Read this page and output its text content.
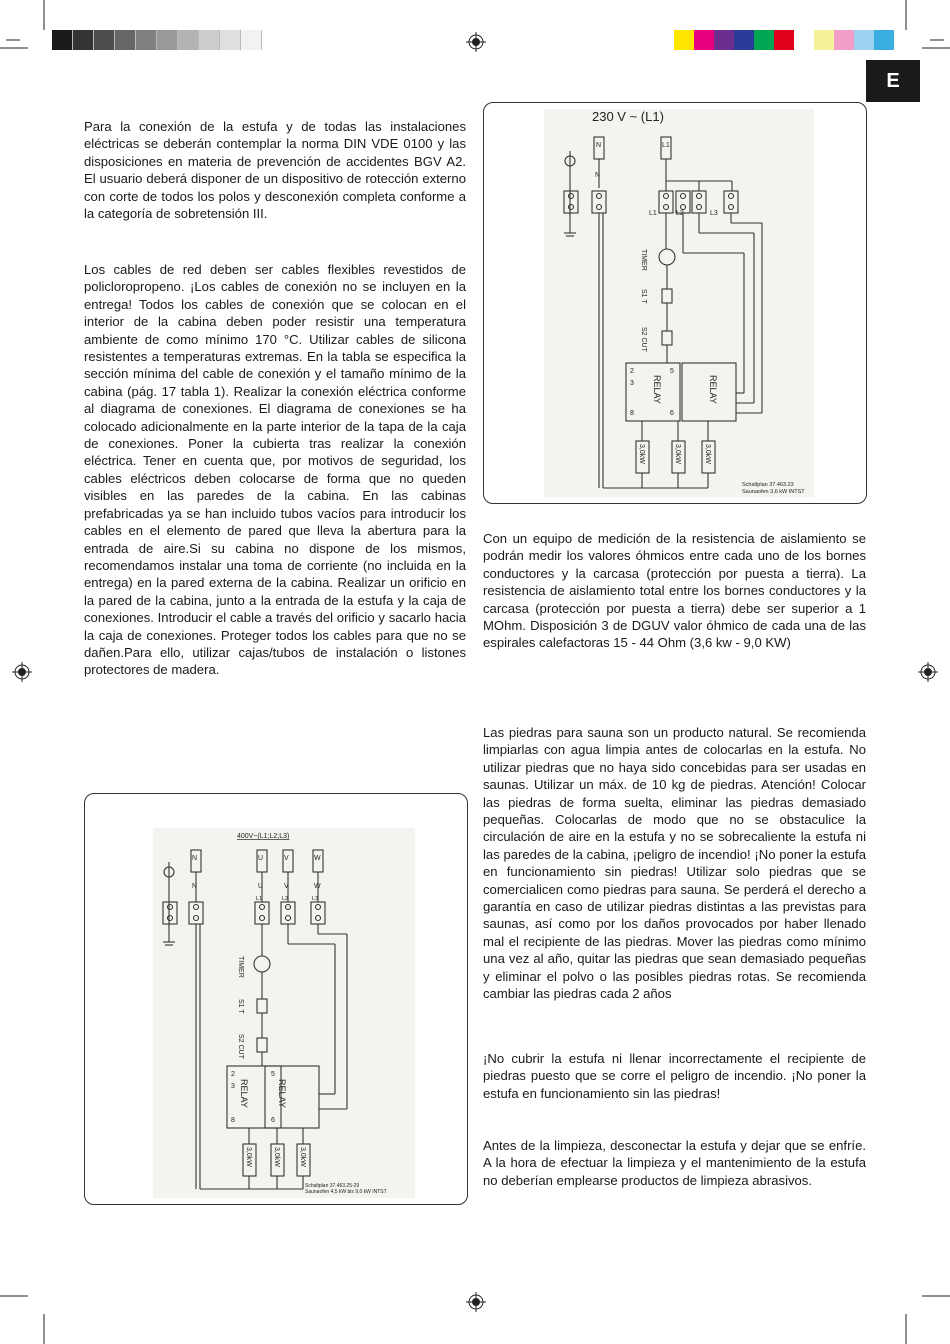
E

Para la conexión de la estufa y de todas las instalaciones eléctricas se deberán contemplar la norma DIN VDE 0100 y las disposiciones en materia de prevención de accidentes BGV A2. El usuario deberá disponer de un dispositivo de rotección externo con corte de todos los polos y desconexión completa conforme a la categoría de sobretensión III.

Los cables de red deben ser cables flexibles revestidos de policloropropeno. ¡Los cables de conexión no se incluyen en la entrega! Todos los cables de conexión que se colocan en el interior de la cabina deben poder resistir una temperatura ambiente de como mínimo 170 °C. Utilizar cables de silicona resistentes a temperaturas extremas. En la tabla se especifica la sección mínima del cable de conexión y el tamaño mínimo de la cabina (pág. 17 tabla 1). Realizar la conexión eléctrica conforme al diagrama de conexiones. El diagrama de conexiones se ha colocado adicionalmente en la parte interior de la tapa de la caja de conexiones. Poner la cubierta tras realizar la conexión eléctrica. Tener en cuenta que, por motivos de seguridad, los cables eléctricos deben colocarse de forma que no queden visibles en las paredes de la cabina. En las cabinas prefabricadas ya se han incluido tubos vacíos para introducir los cables en el elemento de pared que lleva la abertura para la entrada de aire.Si su cabina no dispone de los mismos, recomendamos instalar una toma de corriente (no incluida en la entrega) en la pared externa de la cabina. Realizar un orificio en la pared de la cabina, junto a la entrada de la estufa y la caja de conexiones. Introducir el cable a través del orificio y sacarlo hacia la caja de conexiones. Proteger todos los cables para que no se dañen.Para ello, utilizar cajas/tubos de instalación o listones protectores de madera.

Con un equipo de medición de la resistencia de aislamiento se podrán medir los valores óhmicos entre cada uno de los bornes conductores y la carcasa (protección por puesta a tierra). La resistencia de aislamiento total entre los bornes conductores y la carcasa (protección por puesta a tierra) debe ser superior a 1 MOhm. Disposición 3 de DGUV valor óhmico de cada una de las espirales calefactoras 15 - 44 Ohm (3,6 kw - 9,0 KW)

Las piedras para sauna son un producto natural. Se recomienda limpiarlas con agua limpia antes de colocarlas en la estufa. No utilizar piedras que no haya sido concebidas para ser usadas en saunas. Utilizar un máx. de 10 kg de piedras. Atención! Colocar las piedras de forma suelta, eliminar las piedras demasiado pequeñas. Colocarlas de modo que no se obstaculice la circulación de aire en la estufa y no se sobrecaliente la estufa ni las paredes de la cabina, ¡peligro de incendio! ¡No poner la estufa en funcionamiento sin piedras! Utilizar solo piedras que se comercialicen como piedras para sauna. Se perderá el derecho a garantía en caso de utilizar piedras distintas a las previstas para saunas, así como por los daños provocados por haber llenado mal el recipiente de las piedras. Mover las piedras como mínimo una vez al año, quitar las piedras que sean demasiado pequeñas y eliminar el polvo o las posibles piedras rotas. Se recomienda cambiar las piedras cada 2 años

¡No cubrir la estufa ni llenar incorrectamente el recipiente de piedras puesto que se corre el peligro de incendio. ¡No poner la estufa en funcionamiento sin las piedras!

Antes de la limpieza, desconectar la estufa y dejar que se enfríe. A la hora de efectuar la limpieza y el mantenimiento de la estufa no deberían emplearse productos de limpieza abrasivos.

230 V ~ (L1)
N	L1
N
L1	L2	L3
TIMER
S1 T
S2 CUT
RELAY	RELAY
2
3
8
5
6
3,0kW	3,0kW	3,0kW
Schaltplan 37.463.23
Saunaofen 3,6 kW INTST
400V~(L1;L2;L3)
N	U	V	W
N	U	V	W
L1	L2	L3
TIMER
S1 T
S2 CUT
RELAY	RELAY
2
3
8
5
6
3,0kW	3,0kW	3,0kW
Schaltplan 37.463.25-29
Saunaofen 4,5 kW bis 9,0 kW INTST
